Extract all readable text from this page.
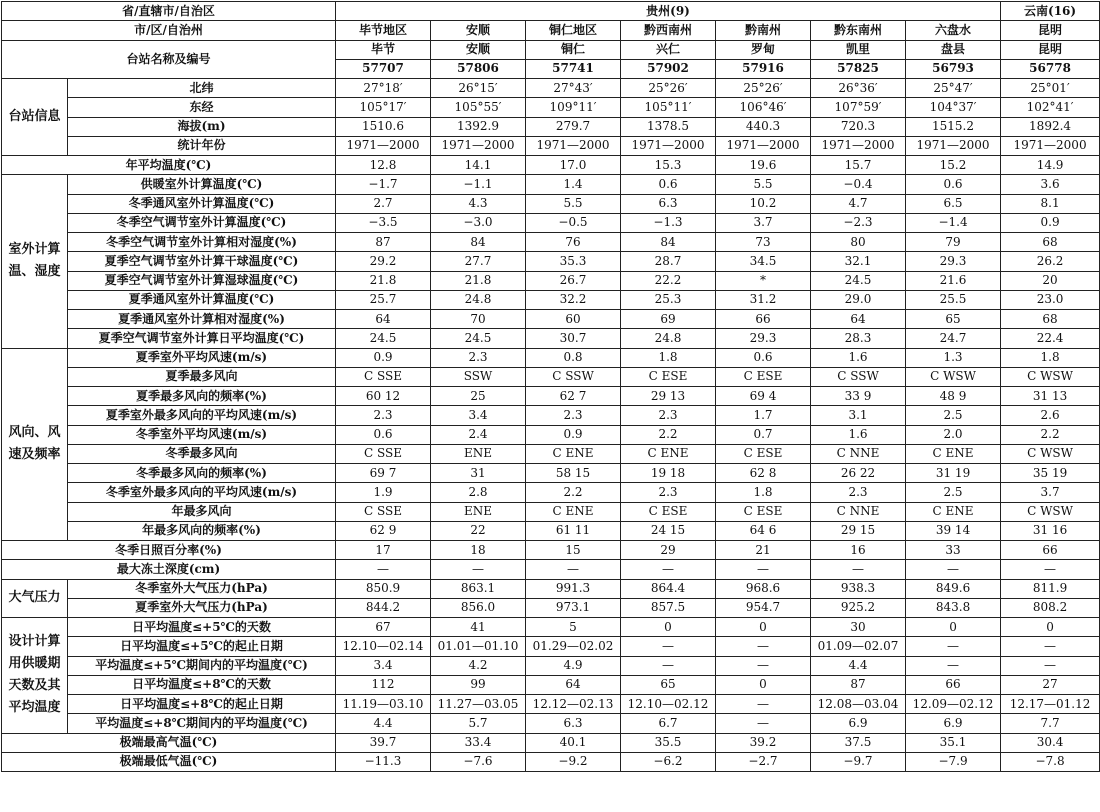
省/直辖市/自治区		贵州(9)							云南(16)
市/区/自治州		毕节地区	安顺	铜仁地区	黔西南州	黔南州	黔东南州	六盘水	昆明
台站名称及编号		毕节	安顺	铜仁	兴仁	罗甸	凯里	盘县	昆明
		57707	57806	57741	57902	57916	57825	56793	56778
台站信息	北纬	27°18′	26°15′	27°43′	25°26′	25°26′	26°36′	25°47′	25°01′
	东经	105°17′	105°55′	109°11′	105°11′	106°46′	107°59′	104°37′	102°41′
	海拔(m)	1510.6	1392.9	279.7	1378.5	440.3	720.3	1515.2	1892.4
	统计年份	1971—2000	1971—2000	1971—2000	1971—2000	1971—2000	1971—2000	1971—2000	1971—2000
年平均温度(℃)		12.8	14.1	17.0	15.3	19.6	15.7	15.2	14.9
室外计算温、湿度	供暖室外计算温度(℃)	−1.7	−1.1	1.4	0.6	5.5	−0.4	0.6	3.6
	冬季通风室外计算温度(℃)	2.7	4.3	5.5	6.3	10.2	4.7	6.5	8.1
	冬季空气调节室外计算温度(℃)	−3.5	−3.0	−0.5	−1.3	3.7	−2.3	−1.4	0.9
	冬季空气调节室外计算相对湿度(%)	87	84	76	84	73	80	79	68
	夏季空气调节室外计算干球温度(℃)	29.2	27.7	35.3	28.7	34.5	32.1	29.3	26.2
	夏季空气调节室外计算湿球温度(℃)	21.8	21.8	26.7	22.2	*	24.5	21.6	20
	夏季通风室外计算温度(℃)	25.7	24.8	32.2	25.3	31.2	29.0	25.5	23.0
	夏季通风室外计算相对湿度(%)	64	70	60	69	66	64	65	68
	夏季空气调节室外计算日平均温度(℃)	24.5	24.5	30.7	24.8	29.3	28.3	24.7	22.4
风向、风速及频率	夏季室外平均风速(m/s)	0.9	2.3	0.8	1.8	0.6	1.6	1.3	1.8
	夏季最多风向	C SSE	SSW	C SSW	C ESE	C ESE	C SSW	C WSW	C WSW
	夏季最多风向的频率(%)	60 12	25	62 7	29 13	69 4	33 9	48 9	31 13
	夏季室外最多风向的平均风速(m/s)	2.3	3.4	2.3	2.3	1.7	3.1	2.5	2.6
	冬季室外平均风速(m/s)	0.6	2.4	0.9	2.2	0.7	1.6	2.0	2.2
	冬季最多风向	C SSE	ENE	C ENE	C ENE	C ESE	C NNE	C ENE	C WSW
	冬季最多风向的频率(%)	69 7	31	58 15	19 18	62 8	26 22	31 19	35 19
	冬季室外最多风向的平均风速(m/s)	1.9	2.8	2.2	2.3	1.8	2.3	2.5	3.7
	年最多风向	C SSE	ENE	C ENE	C ESE	C ESE	C NNE	C ENE	C WSW
	年最多风向的频率(%)	62 9	22	61 11	24 15	64 6	29 15	39 14	31 16
冬季日照百分率(%)		17	18	15	29	21	16	33	66
最大冻土深度(cm)		—	—	—	—	—	—	—	—
大气压力	冬季室外大气压力(hPa)	850.9	863.1	991.3	864.4	968.6	938.3	849.6	811.9
	夏季室外大气压力(hPa)	844.2	856.0	973.1	857.5	954.7	925.2	843.8	808.2
设计计算用供暖期天数及其平均温度	日平均温度≤+5℃的天数	67	41	5	0	0	30	0	0
	日平均温度≤+5℃的起止日期	12.10—02.14	01.01—01.10	01.29—02.02	—	—	01.09—02.07	—	—
	平均温度≤+5℃期间内的平均温度(℃)	3.4	4.2	4.9	—	—	4.4	—	—
	日平均温度≤+8℃的天数	112	99	64	65	0	87	66	27
	日平均温度≤+8℃的起止日期	11.19—03.10	11.27—03.05	12.12—02.13	12.10—02.12	—	12.08—03.04	12.09—02.12	12.17—01.12
	平均温度≤+8℃期间内的平均温度(℃)	4.4	5.7	6.3	6.7	—	6.9	6.9	7.7
极端最高气温(℃)		39.7	33.4	40.1	35.5	39.2	37.5	35.1	30.4
极端最低气温(℃)		−11.3	−7.6	−9.2	−6.2	−2.7	−9.7	−7.9	−7.8
